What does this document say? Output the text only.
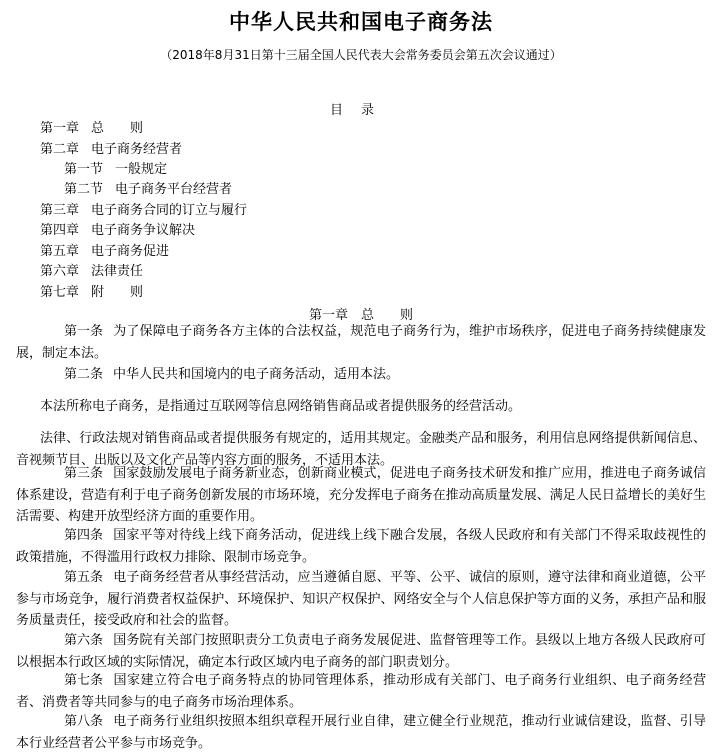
中华人民共和国电子商务法
（2018年8月31日第十三届全国人民代表大会常务委员会第五次会议通过）
目录
第一章 总　　则
第二章 电子商务经营者
第一节 一般规定
第二节 电子商务平台经营者
第三章 电子商务合同的订立与履行
第四章 电子商务争议解决
第五章 电子商务促进
第六章 法律责任
第七章 附　　则
第一章　总　　则
第一条 为了保障电子商务各方主体的合法权益，规范电子商务行为，维护市场秩序，促进电子商务持续健康发展，制定本法。
第二条 中华人民共和国境内的电子商务活动，适用本法。
本法所称电子商务，是指通过互联网等信息网络销售商品或者提供服务的经营活动。
法律、行政法规对销售商品或者提供服务有规定的，适用其规定。金融类产品和服务，利用信息网络提供新闻信息、音视频节目、出版以及文化产品等内容方面的服务，不适用本法。
第三条 国家鼓励发展电子商务新业态，创新商业模式，促进电子商务技术研发和推广应用，推进电子商务诚信体系建设，营造有利于电子商务创新发展的市场环境，充分发挥电子商务在推动高质量发展、满足人民日益增长的美好生活需要、构建开放型经济方面的重要作用。
第四条 国家平等对待线上线下商务活动，促进线上线下融合发展，各级人民政府和有关部门不得采取歧视性的政策措施，不得滥用行政权力排除、限制市场竞争。
第五条 电子商务经营者从事经营活动，应当遵循自愿、平等、公平、诚信的原则，遵守法律和商业道德，公平参与市场竞争，履行消费者权益保护、环境保护、知识产权保护、网络安全与个人信息保护等方面的义务，承担产品和服务质量责任，接受政府和社会的监督。
第六条 国务院有关部门按照职责分工负责电子商务发展促进、监督管理等工作。县级以上地方各级人民政府可以根据本行政区域的实际情况，确定本行政区域内电子商务的部门职责划分。
第七条 国家建立符合电子商务特点的协同管理体系，推动形成有关部门、电子商务行业组织、电子商务经营者、消费者等共同参与的电子商务市场治理体系。
第八条 电子商务行业组织按照本组织章程开展行业自律，建立健全行业规范，推动行业诚信建设，监督、引导本行业经营者公平参与市场竞争。
